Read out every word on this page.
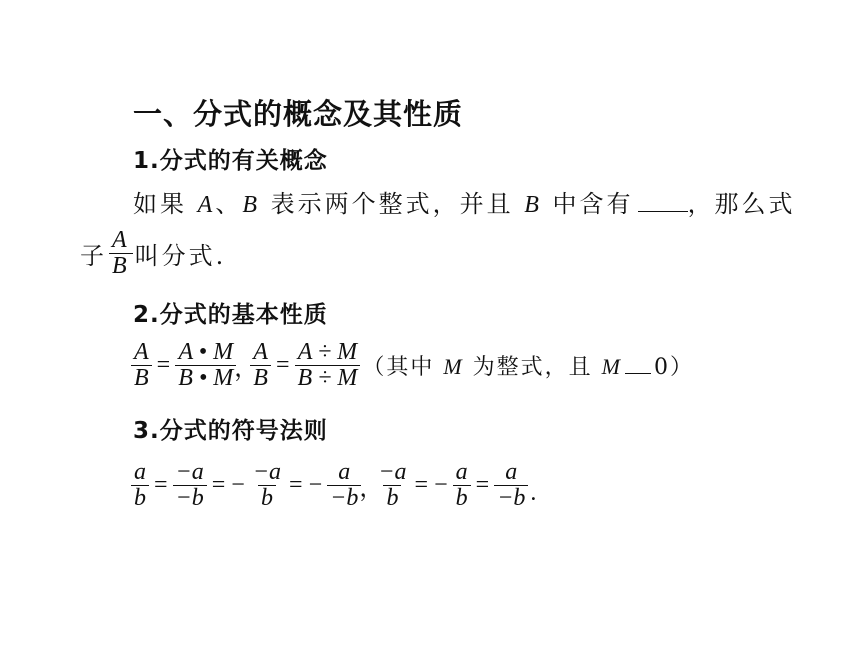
一、分式的概念及其性质
1.分式的有关概念
如果 A、B 表示两个整式，并且 B 中含有 ，那么式
子 $\frac{A}{B}$ 叫分式.
2.分式的基本性质
$\frac{A}{B} = \frac{A • M}{B • M}$
，
$\frac{A}{B} = \frac{A \div M}{B \div M}$ （其中 M 为整式，且 M 0）
3.分式的符号法则
$\frac{a}{b} = \frac{-a}{-b}$ = − $\frac{-a}{b}$ = − $\frac{a}{-b}$
，
$\frac{-a}{b}$ = − $\frac{a}{b} = \frac{a}{-b}$ .
